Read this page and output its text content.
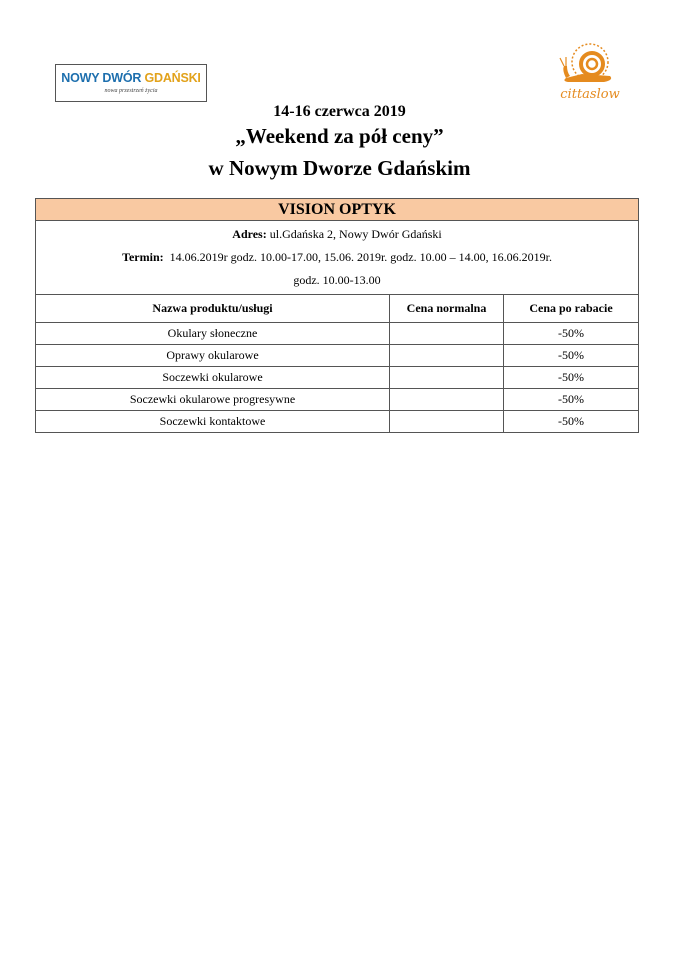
NOWY DWÓR GDAŃSKI
nowa przestrzeń życia	cittaslow
14-16 czerwca 2019
„Weekend za pół ceny”
w Nowym Dworze Gdańskim
VISION OPTYK		

Adres: ul.Gdańska 2, Nowy Dwór Gdański
Termin: 14.06.2019r godz. 10.00-17.00, 15.06. 2019r. godz. 10.00 – 14.00, 16.06.2019r.
godz. 10.00-13.00		

Nazwa produktu/usługi	Cena normalna	Cena po rabacie
Okulary słoneczne		-50%
Oprawy okularowe		-50%
Soczewki okularowe		-50%
Soczewki okularowe progresywne		-50%
Soczewki kontaktowe		-50%
